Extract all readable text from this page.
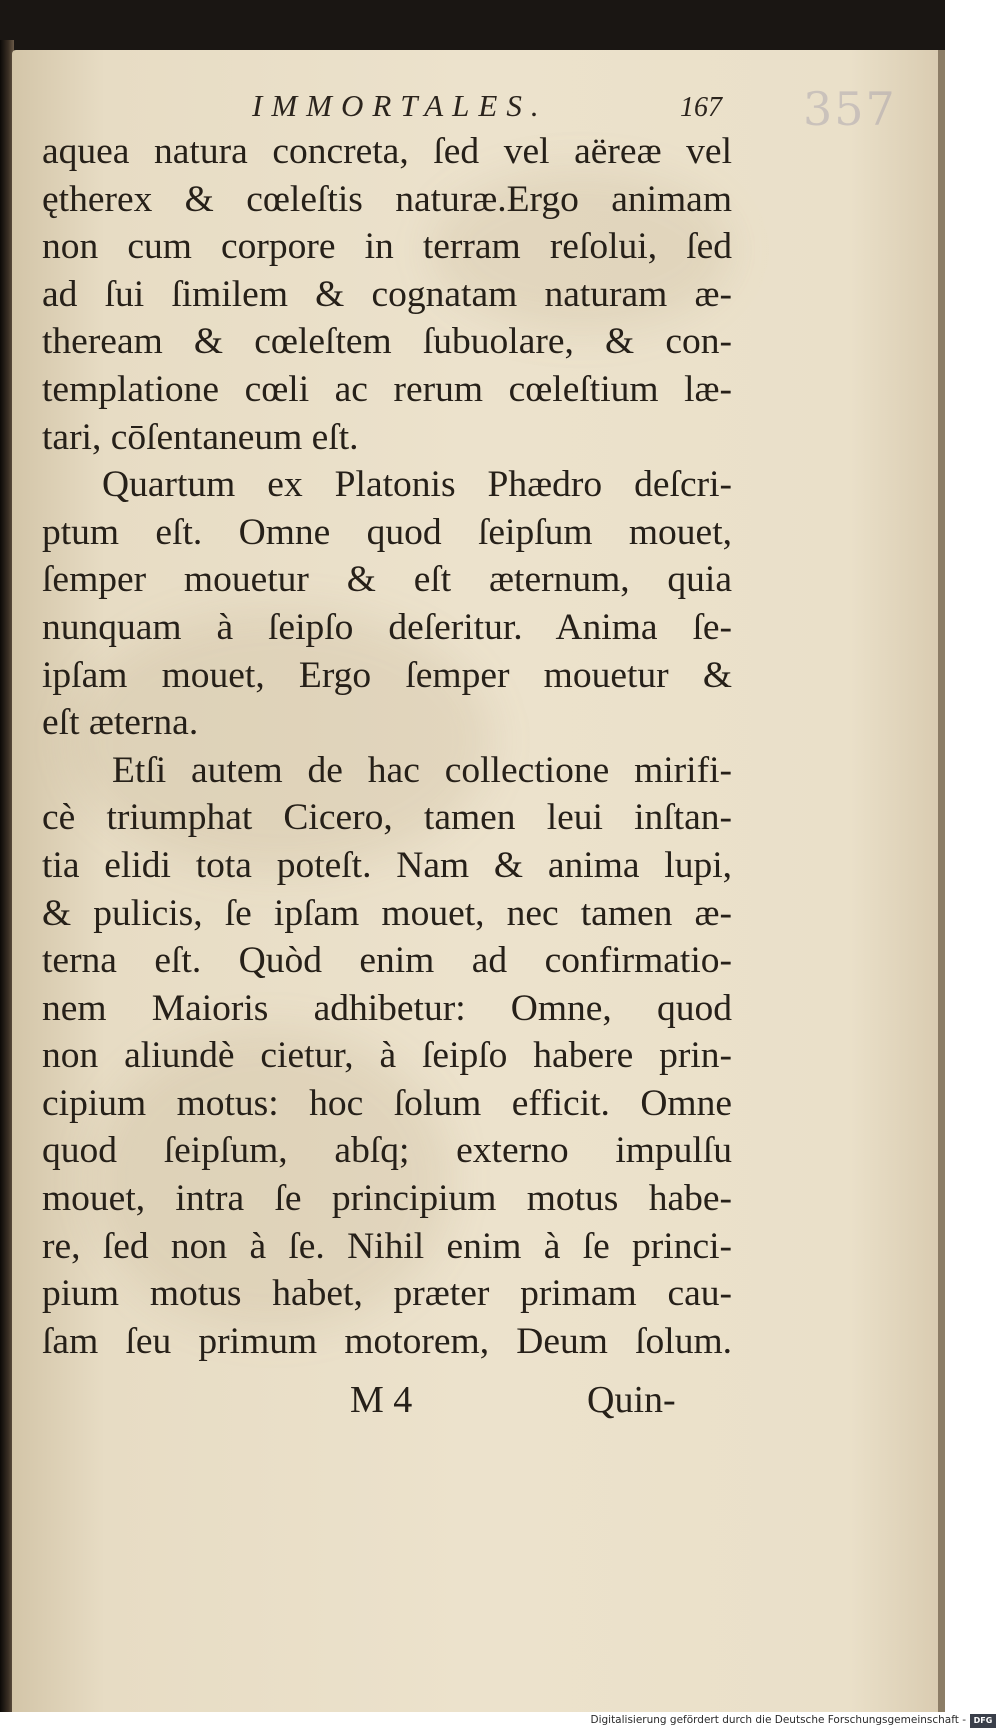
357
IMMORTALES.	167
aquea natura concreta, ſed vel aëreæ vel
ętherex & cœleſtis naturæ.Ergo animam
non cum corpore in terram reſolui, ſed
ad ſui ſimilem & cognatam naturam æ-
theream & cœleſtem ſubuolare, & con-
templatione cœli ac rerum cœleſtium læ-
tari, cōſentaneum eſt.
Quartum ex Platonis Phædro deſcri-
ptum eſt. Omne quod ſeipſum mouet,
ſemper mouetur & eſt æternum, quia
nunquam à ſeipſo deſeritur. Anima ſe-
ipſam mouet, Ergo ſemper mouetur &
eſt æterna.
Etſi autem de hac collectione mirifi-
cè triumphat Cicero, tamen leui inſtan-
tia elidi tota poteſt. Nam & anima lupi,
& pulicis, ſe ipſam mouet, nec tamen æ-
terna eſt. Quòd enim ad confirmatio-
nem Maioris adhibetur: Omne, quod
non aliundè cietur, à ſeipſo habere prin-
cipium motus: hoc ſolum efficit. Omne
quod ſeipſum, abſq; externo impulſu
mouet, intra ſe principium motus habe-
re, ſed non à ſe. Nihil enim à ſe princi-
pium motus habet, præter primam cau-
ſam ſeu primum motorem, Deum ſolum.
M 4	Quin-
Digitalisierung gefördert durch die Deutsche Forschungsgemeinschaft - DFG
